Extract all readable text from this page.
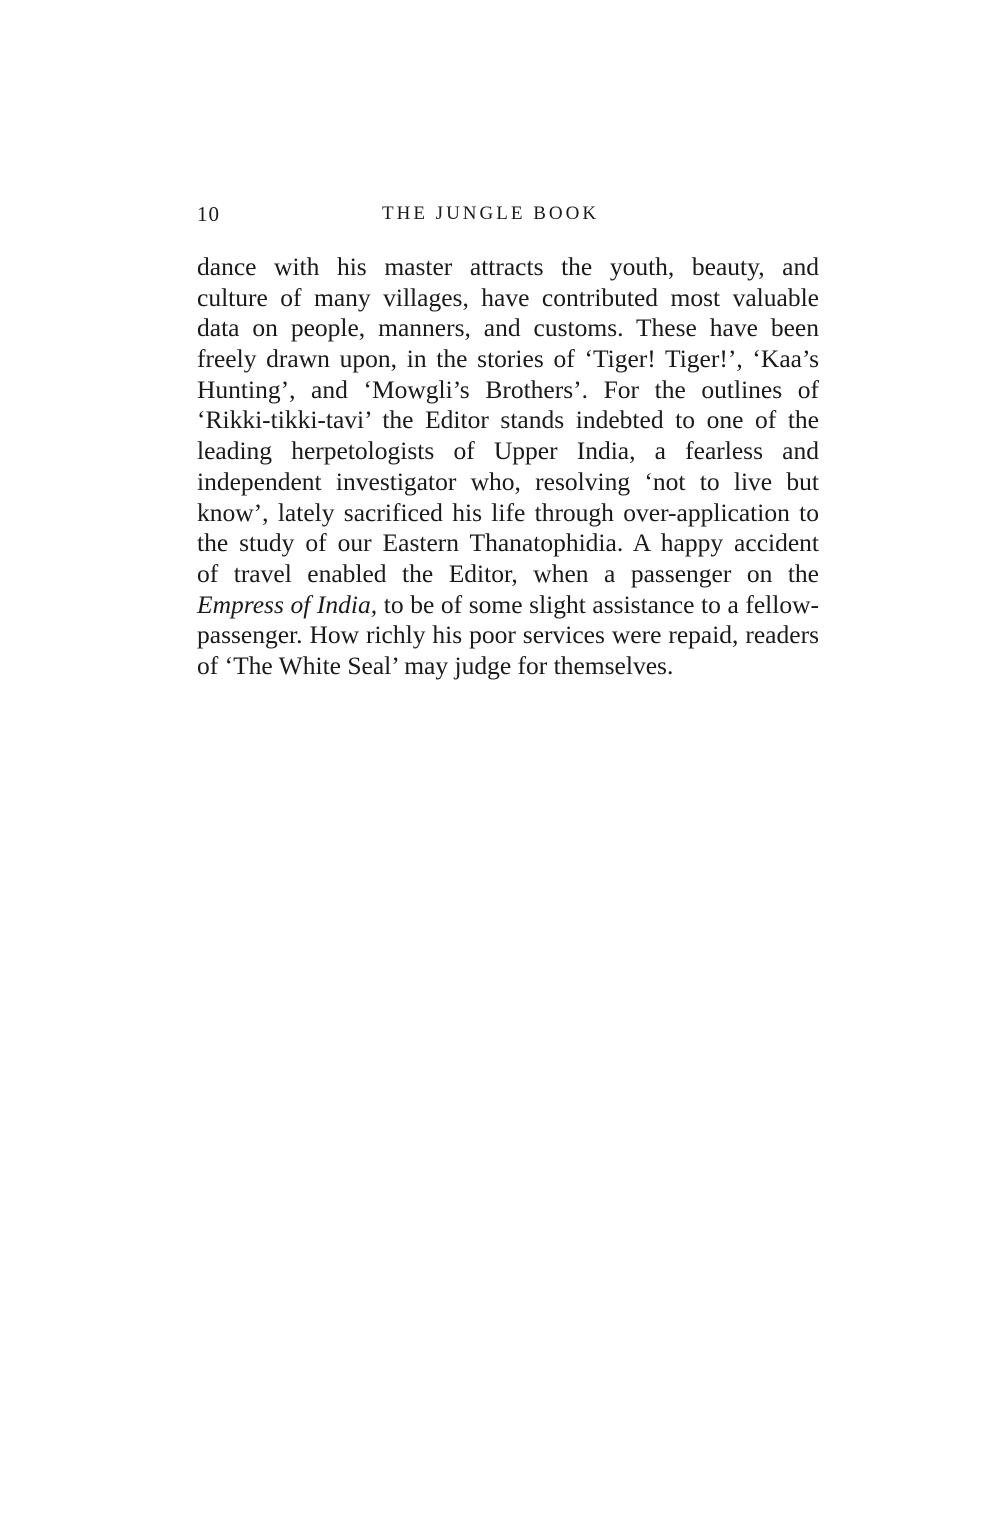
10	THE JUNGLE BOOK
dance with his master attracts the youth, beauty, and
culture of many villages, have contributed most valuable
data on people, manners, and customs. These have been
freely drawn upon, in the stories of ‘Tiger! Tiger!’, ‘Kaa’s
Hunting’, and ‘Mowgli’s Brothers’. For the outlines of
‘Rikki-tikki-tavi’ the Editor stands indebted to one of the
leading herpetologists of Upper India, a fearless and
independent investigator who, resolving ‘not to live but
know’, lately sacrificed his life through over-application to
the study of our Eastern Thanatophidia. A happy accident
of travel enabled the Editor, when a passenger on the
Empress of India, to be of some slight assistance to a fellow-
passenger. How richly his poor services were repaid, readers
of ‘The White Seal’ may judge for themselves.
